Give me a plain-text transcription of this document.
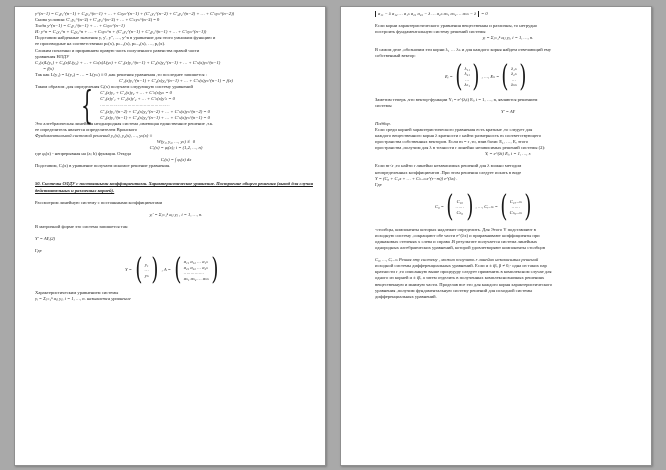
y^(n−1) = C₁y₁^(n−1) + C₂y₂^(n−1) + … + Cₙyₙ^(n−1) + (C′₁y₁^(n−2) + C′₂y₂^(n−2) + … + C′ₙyₙ^(n−2))
Снова условия: C′₁y₁^(n−2) + C′₂y₂^(n−2) + … + C′ₙyₙ^(n−2) = 0
Тогда y^(n−1) = C₁y₁^(n−1) + … + Cₙyₙ^(n−1)
И: y^n = C₁y₁^n + C₂y₂^n + … + Cₙyₙ^n + (C′₁y₁^(n−1) + C′₂y₂^(n−1) + … + C′ₙyₙ^(n−1))
Подставим найденные значения y, y′, y″, …, y^n в уравнение для этого умножим функцию и
ее производные на соответственно pₙ(x), pₙ₋₁(x), pₙ₋₂(x), …, p₁(x).
Сложим почленно и приравняем правую часть полученного равенства правой части
уравнения НЛДУ
C₁(x)L(y₁) + C₂(x)L(y₂) + … + Cₙ(x)L(yₙ) + C′₁(x)y₁^(n−1) + C′₂(x)y₂^(n−1) + … + C′ₙ(x)yₙ^(n−1)
= f(x)
Так как L(y₁) = L(y₂) = … = L(yₙ) ≡ 0 ,как решения уравнения ,то последнее запишется :
C′₁(x)y₁^(n−1) + C′₂(x)y₂^(n−1) + … + C′ₙ(x)yₙ^(n−1) = f(x)
Таким образом ,для определения Cᵢ(x) получаем следующую систему уравнений
{ C′₁(x)y₁ + C′₂(x)y₂ + … + C′ₙ(x)yₙ = 0
C′₁(x)y′₁ + C′₂(x)y′₂ + … + C′ₙ(x)y′ₙ = 0
……………………………………………
C′₁(x)y₁^(n−2) + C′₂(x)y₂^(n−2) + … + C′ₙ(x)yₙ^(n−2) = 0
C′₁(x)y₁^(n−1) + C′₂(x)y₂^(n−1) + … + C′ₙ(x)yₙ^(n−1) = 0
Это алгебраическая линейная неоднородная система ,имеющая единственное решение ,т.к.
ее определитель является определителем Вронского
Фундаментальной системой решений y₁(x), y₂(x), …, yₙ(x) ≡
W(y₁, y₂, …, yₙ) ≢ 0
C′ᵢ(x) = φᵢ(x); i = (1,2, …, n)
где φᵢ(x) - непрерывная на (a; b) функция. Откуда
Cᵢ(x) = ∫ φᵢ(x) dx
Подставим, Cᵢ(x) в уравнение получаем искомое решение уравнения.
50. Системы ОЛДУ с постоянными коэффициентами. Характеристическое уравнение. Построение общего решения (вывод для случая действительных и различных корней).
Рассмотрим линейную систему с постоянными коэффициентами
yᵢ′ = Σⱼ₌₁ⁿ aᵢⱼ yⱼ , i = 1, …, n.
В матричной форме это система запишется так:
Y′ = AY,(2)
Где
Y = ( y₁
…
yₙ ) , A = ( a₁₁ a₁₂ … a₁ₙ
a₂₁ a₂₂ … a₂ₙ
……………
aₙ₁ aₙ₂ … aₙₙ )
Характеристическим уравнением системы
yᵢ = Σⱼ₌₁ⁿ aᵢⱼ yⱼ, i = 1, …, n. называется уравнение
a₁₁ − λ a₁₂ … a₁ₙ a₂₁ a₂₂ − λ … a₂ₙ aₙ₁ aₙ₂ … aₙₙ − λ	= 0
Если корни характеристического уравнения вещественны и различны, то нетрудно
построить фундаментальную систему решений системы
yᵢ = Σⱼ₌₁ⁿ aᵢⱼ yⱼ, i = 1, …, n.
В самом деле ,обозначим эти корни λ₁ … λₙ и для каждого корня найдем отвечающий ему
собственный вектор:
Eᵢ = ( λ₁₁
λ₂₁
…
λₙ₁ ) , …, Eₙ = ( λ₁ₙ
λ₂ₙ
…
λₙₙ )
Заметим теперь ,что вектор-функции Yᵢ = e^(λᵢt) Eᵢ, i = 1, …, n, являются решением
системы
Y′ = AY
Подбор.
Если среди корней характеристического уравнения есть кратные ,то следует для
каждого вещественного корня λ кратности r найти размерность m соответствующего
пространства собственных векторов. Если m = r ,то, взяв базис E₁, …, Eᵣ этого
пространства ,получим для λ в точности r линейно независимых решений системы (2):
Yᵢ = e^(λt) Eᵢ, i = 1, …, r.
Если m<r ,то найти r линейно независимых решений для λ можно методом
неопределенных коэффициентов .При этом решения следует искать в виде
Y = (C₀ + C₁x + … + Cₙ₋ₘx^(r−m)) e^(λx) .
Где
C₀ = ( C₁₀
……
Cₙ₀ ) , …, Cᵣ₋ₘ = ( C₁,ᵣ₋ₘ
……
Cₙ,ᵣ₋ₘ )
-столбцы, компоненты которых надлежит определить. Для Этого Y подставляют в
исходную систему ,сокращают обе части e^(λx) и приравнивают коэффициенты при
одинаковых степенях x слева и справа .В результате получается система линейных
однородных алгебраических уравнений, которой удовлетворяют компоненты столбцов
C₀, …, Cᵣ₋ₘ Решая эту систему , можно получить r линейно независимых решений
исходной системы дифференциальных уравнений. Если α ± iβ, β ≠ 0,- одна из таких пар
кратности r ,то описанную выше процедуру следует применить в комплексном случае для
одного из корней α ± iβ, а затем отделить в полученных комплекснозначных решениях
вещественную и мнимую части. Проделав все это для каждого корня характеристического
уравнения ,получим фундаментальную систему решений для исходной системы
дифференциальных уравнений.
